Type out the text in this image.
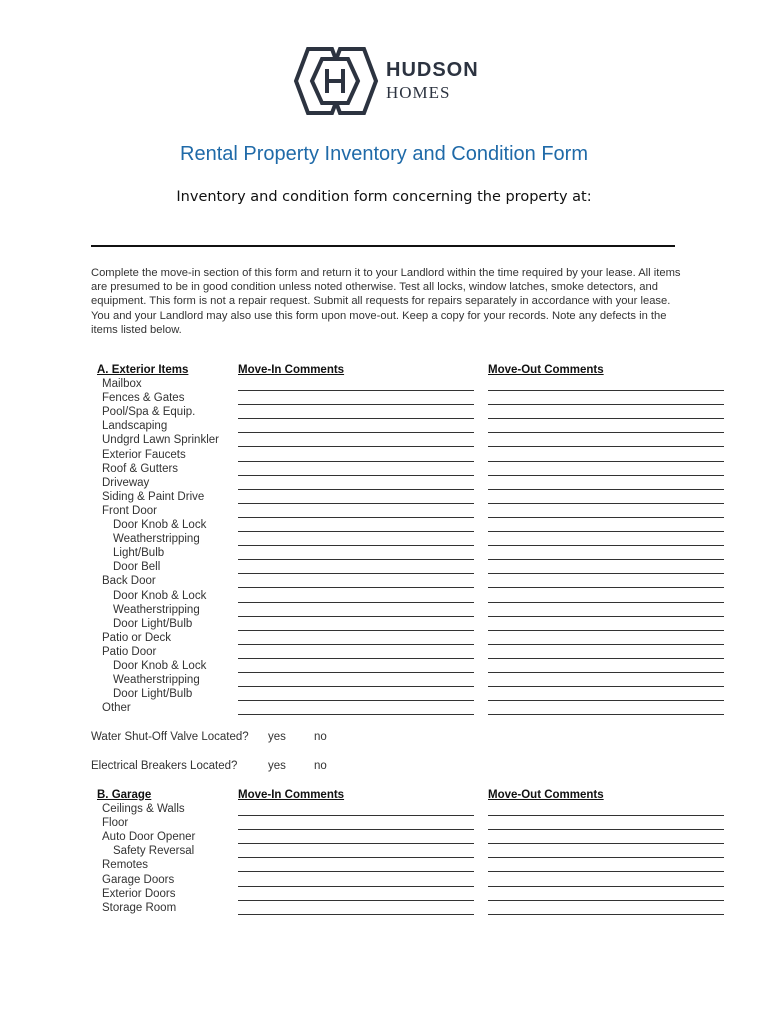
HUDSON
HOMES
Rental Property Inventory and Condition Form
Inventory and condition form concerning the property at:
Complete the move-in section of this form and return it to your Landlord within the time required by your lease. All items are presumed to be in good condition unless noted otherwise. Test all locks, window latches, smoke detectors, and equipment. This form is not a repair request. Submit all requests for repairs separately in accordance with your lease. You and your Landlord may also use this form upon move-out. Keep a copy for your records. Note any defects in the items listed below.
A. Exterior Items	Move-In Comments	Move-Out Comments
Mailbox
Fences & Gates
Pool/Spa & Equip.
Landscaping
Undgrd Lawn Sprinkler
Exterior Faucets
Roof & Gutters
Driveway
Siding & Paint Drive
Front Door
Door Knob & Lock
Weatherstripping
Light/Bulb
Door Bell
Back Door
Door Knob & Lock
Weatherstripping
Door Light/Bulb
Patio or Deck
Patio Door
Door Knob & Lock
Weatherstripping
Door Light/Bulb
Other
Water Shut-Off Valve Located? yes no
Electrical Breakers Located?	yes no
B. Garage	Move-In Comments	Move-Out Comments
Ceilings & Walls
Floor
Auto Door Opener
Safety Reversal
Remotes
Garage Doors
Exterior Doors
Storage Room
